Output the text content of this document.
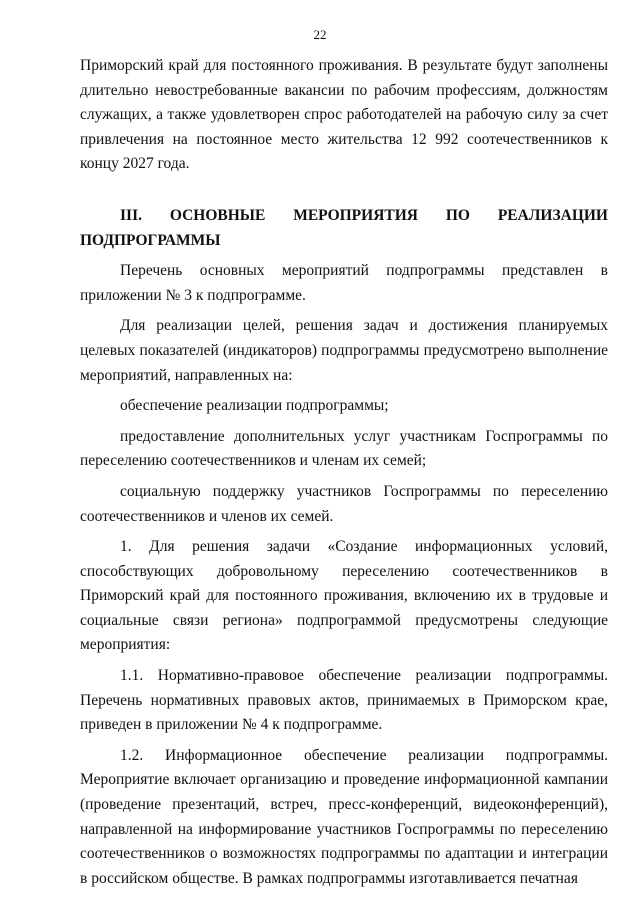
22

Приморский край для постоянного проживания. В результате будут заполнены длительно невостребованные вакансии по рабочим профессиям, должностям служащих, а также удовлетворен спрос работодателей на рабочую силу за счет привлечения на постоянное место жительства 12 992 соотечественников к концу 2027 года.

III. ОСНОВНЫЕ МЕРОПРИЯТИЯ ПО РЕАЛИЗАЦИИ ПОДПРОГРАММЫ

Перечень основных мероприятий подпрограммы представлен в приложении № 3 к подпрограмме.

Для реализации целей, решения задач и достижения планируемых целевых показателей (индикаторов) подпрограммы предусмотрено выполнение мероприятий, направленных на:

обеспечение реализации подпрограммы;

предоставление дополнительных услуг участникам Госпрограммы по переселению соотечественников и членам их семей;

социальную поддержку участников Госпрограммы по переселению соотечественников и членов их семей.

1. Для решения задачи «Создание информационных условий, способствующих добровольному переселению соотечественников в Приморский край для постоянного проживания, включению их в трудовые и социальные связи региона» подпрограммой предусмотрены следующие мероприятия:

1.1. Нормативно-правовое обеспечение реализации подпрограммы. Перечень нормативных правовых актов, принимаемых в Приморском крае, приведен в приложении № 4 к подпрограмме.

1.2. Информационное обеспечение реализации подпрограммы. Мероприятие включает организацию и проведение информационной кампании (проведение презентаций, встреч, пресс-конференций, видеоконференций), направленной на информирование участников Госпрограммы по переселению соотечественников о возможностях подпрограммы по адаптации и интеграции в российском обществе. В рамках подпрограммы изготавливается печатная
